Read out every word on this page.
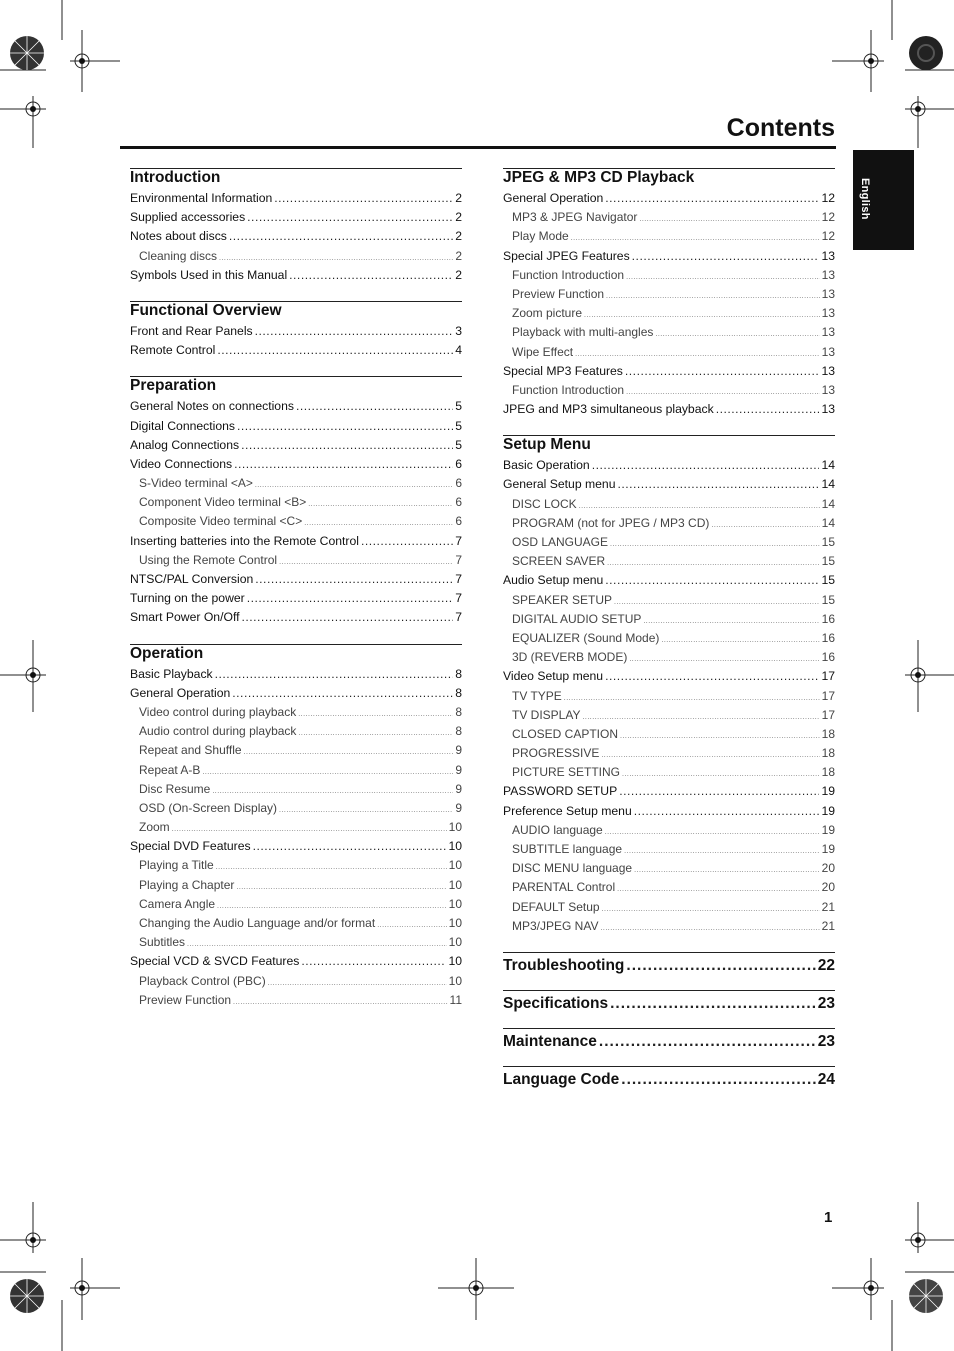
Contents
English
Introduction
Environmental Information .....	2
Supplied accessories .....	2
Notes about discs .....	2
Cleaning discs .....	2
Symbols Used in this Manual .....	2
Functional Overview
Front and Rear Panels .....	3
Remote Control .....	4
Preparation
General Notes on connections .....	5
Digital Connections .....	5
Analog Connections .....	5
Video Connections .....	6
S-Video terminal <A> .....	6
Component Video terminal <B> .....	6
Composite Video terminal <C> .....	6
Inserting batteries into the Remote Control .....	7
Using the Remote Control .....	7
NTSC/PAL Conversion .....	7
Turning on the power .....	7
Smart Power On/Off .....	7
Operation
Basic Playback .....	8
General Operation .....	8
Video control during playback .....	8
Audio control during playback .....	8
Repeat and Shuffle .....	9
Repeat A-B .....	9
Disc Resume .....	9
OSD (On-Screen Display) .....	9
Zoom .....	10
Special DVD Features .....	10
Playing a Title .....	10
Playing a Chapter .....	10
Camera Angle .....	10
Changing the Audio Language and/or format .....	10
Subtitles .....	10
Special VCD & SVCD Features .....	10
Playback Control (PBC) .....	10
Preview Function .....	11
JPEG & MP3 CD Playback
General Operation .....	12
MP3 & JPEG Navigator .....	12
Play Mode .....	12
Special JPEG Features .....	13
Function Introduction .....	13
Preview Function .....	13
Zoom picture .....	13
Playback with multi-angles .....	13
Wipe Effect .....	13
Special MP3 Features .....	13
Function Introduction .....	13
JPEG and MP3 simultaneous playback .....	13
Setup Menu
Basic Operation .....	14
General Setup menu .....	14
DISC LOCK .....	14
PROGRAM (not for JPEG / MP3 CD) .....	14
OSD LANGUAGE .....	15
SCREEN SAVER .....	15
Audio Setup menu .....	15
SPEAKER SETUP .....	15
DIGITAL AUDIO SETUP .....	16
EQUALIZER (Sound Mode) .....	16
3D (REVERB MODE) .....	16
Video Setup menu .....	17
TV TYPE .....	17
TV DISPLAY .....	17
CLOSED CAPTION .....	18
PROGRESSIVE .....	18
PICTURE SETTING .....	18
PASSWORD SETUP .....	19
Preference Setup menu .....	19
AUDIO language .....	19
SUBTITLE language .....	19
DISC MENU language .....	20
PARENTAL Control .....	20
DEFAULT Setup .....	21
MP3/JPEG NAV .....	21
Troubleshooting .....	22
Specifications .....	23
Maintenance .....	23
Language Code .....	24
1
